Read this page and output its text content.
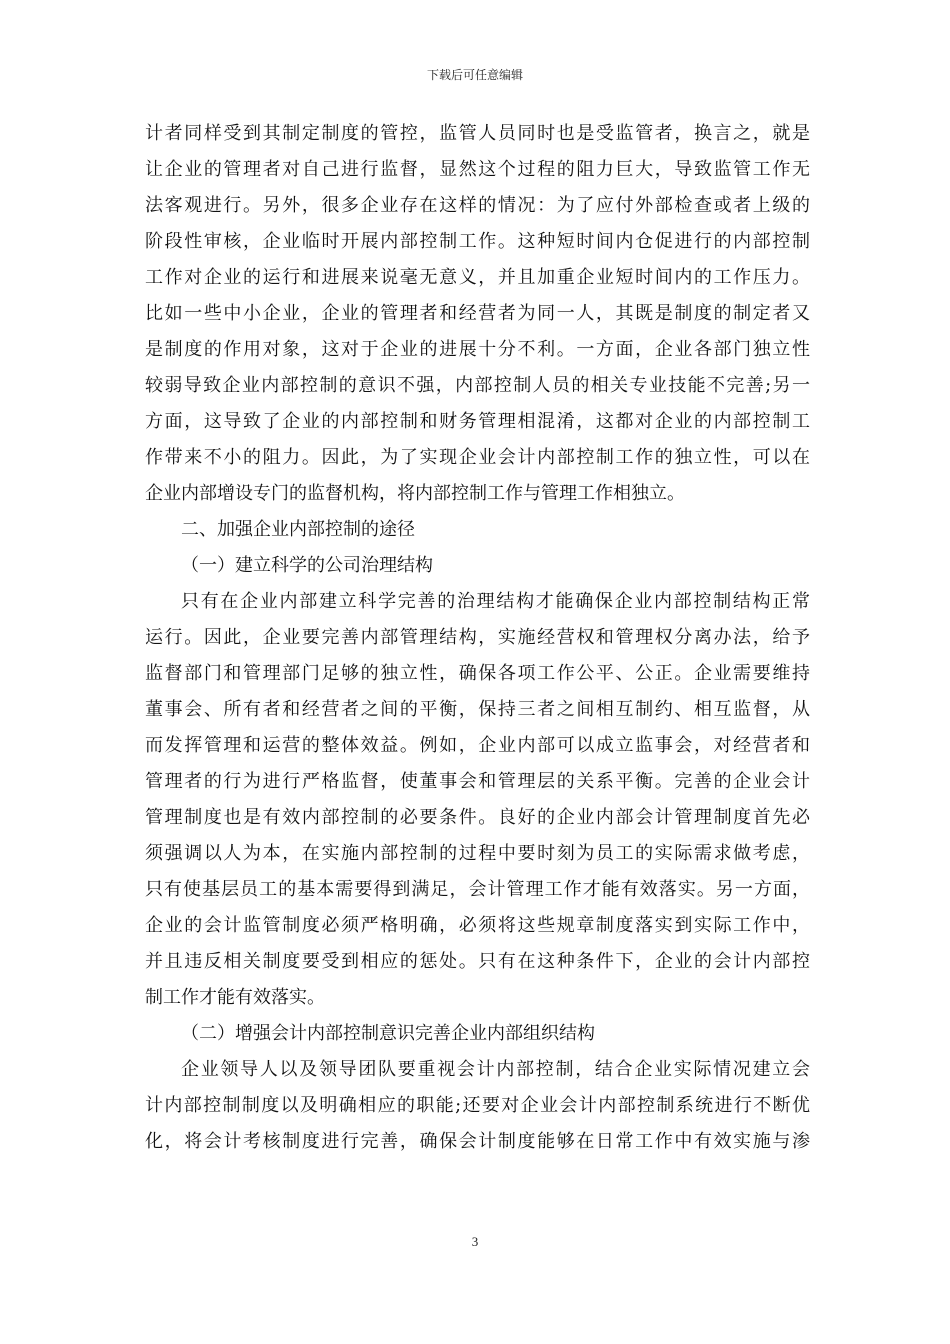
下载后可任意编辑
计者同样受到其制定制度的管控，监管人员同时也是受监管者，换言之，就是
让企业的管理者对自己进行监督，显然这个过程的阻力巨大，导致监管工作无
法客观进行。另外，很多企业存在这样的情况：为了应付外部检查或者上级的
阶段性审核，企业临时开展内部控制工作。这种短时间内仓促进行的内部控制
工作对企业的运行和进展来说毫无意义，并且加重企业短时间内的工作压力。
比如一些中小企业，企业的管理者和经营者为同一人，其既是制度的制定者又
是制度的作用对象，这对于企业的进展十分不利。一方面，企业各部门独立性
较弱导致企业内部控制的意识不强，内部控制人员的相关专业技能不完善;另一
方面，这导致了企业的内部控制和财务管理相混淆，这都对企业的内部控制工
作带来不小的阻力。因此，为了实现企业会计内部控制工作的独立性，可以在
企业内部增设专门的监督机构，将内部控制工作与管理工作相独立。
二、加强企业内部控制的途径
（一）建立科学的公司治理结构
只有在企业内部建立科学完善的治理结构才能确保企业内部控制结构正常
运行。因此，企业要完善内部管理结构，实施经营权和管理权分离办法，给予
监督部门和管理部门足够的独立性，确保各项工作公平、公正。企业需要维持
董事会、所有者和经营者之间的平衡，保持三者之间相互制约、相互监督，从
而发挥管理和运营的整体效益。例如，企业内部可以成立监事会，对经营者和
管理者的行为进行严格监督，使董事会和管理层的关系平衡。完善的企业会计
管理制度也是有效内部控制的必要条件。良好的企业内部会计管理制度首先必
须强调以人为本，在实施内部控制的过程中要时刻为员工的实际需求做考虑，
只有使基层员工的基本需要得到满足，会计管理工作才能有效落实。另一方面，
企业的会计监管制度必须严格明确，必须将这些规章制度落实到实际工作中，
并且违反相关制度要受到相应的惩处。只有在这种条件下，企业的会计内部控
制工作才能有效落实。
（二）增强会计内部控制意识完善企业内部组织结构
企业领导人以及领导团队要重视会计内部控制，结合企业实际情况建立会
计内部控制制度以及明确相应的职能;还要对企业会计内部控制系统进行不断优
化，将会计考核制度进行完善，确保会计制度能够在日常工作中有效实施与渗
3
